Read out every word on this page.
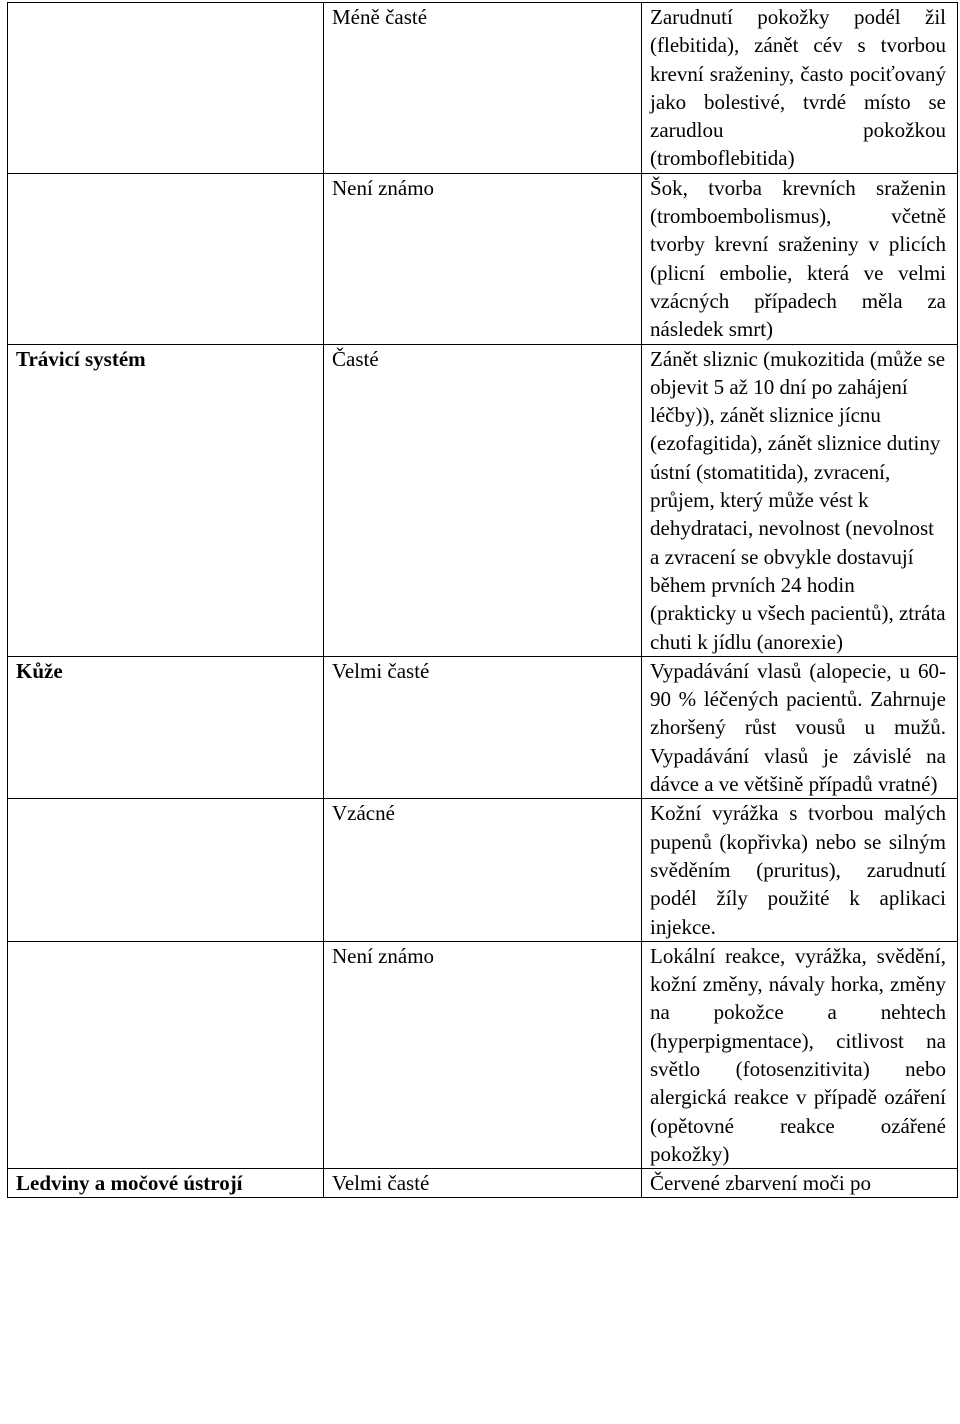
	Méně časté	Zarudnutí pokožky podél žil (flebitida), zánět cév s tvorbou krevní sraženiny, často pociťovaný jako bolestivé, tvrdé místo se zarudlou pokožkou (tromboflebitida)
	Není známo	Šok, tvorba krevních sraženin (tromboembolismus), včetně tvorby krevní sraženiny v plicích (plicní embolie, která ve velmi vzácných případech měla za následek smrt)
Trávicí systém	Časté	Zánět sliznic (mukozitida (může se objevit 5 až 10 dní po zahájení léčby)), zánět sliznice jícnu (ezofagitida), zánět sliznice dutiny ústní (stomatitida), zvracení, průjem, který může vést k dehydrataci, nevolnost (nevolnost a zvracení se obvykle dostavují během prvních 24 hodin (prakticky u všech pacientů), ztráta chuti k jídlu (anorexie)
Kůže	Velmi časté	Vypadávání vlasů (alopecie, u 60-90 % léčených pacientů. Zahrnuje zhoršený růst vousů u mužů. Vypadávání vlasů je závislé na dávce a ve většině případů vratné)
	Vzácné	Kožní vyrážka s tvorbou malých pupenů (kopřivka) nebo se silným svěděním (pruritus), zarudnutí podél žíly použité k aplikaci injekce.
	Není známo	Lokální reakce, vyrážka, svědění, kožní změny, návaly horka, změny na pokožce a nehtech (hyperpigmentace), citlivost na světlo (fotosenzitivita) nebo alergická reakce v případě ozáření (opětovné reakce ozářené pokožky)
Ledviny a močové ústrojí	Velmi časté	Červené zbarvení moči po
